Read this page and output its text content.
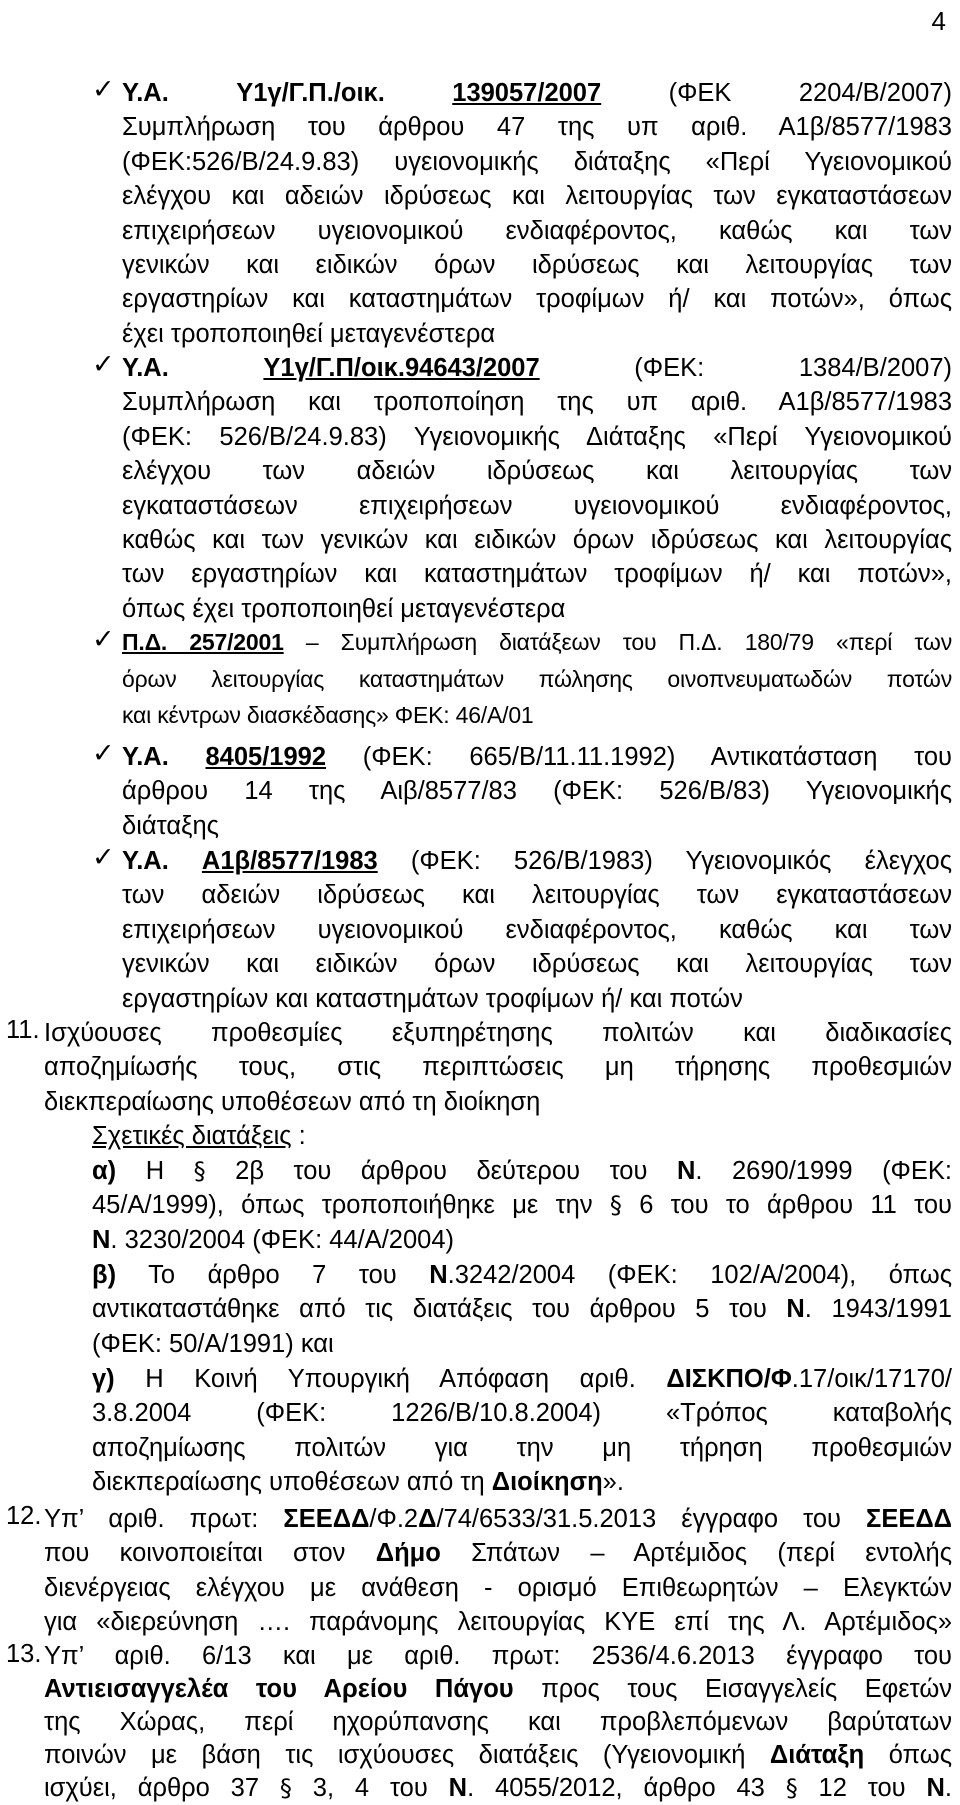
4
✓ Υ.Α.	Υ1γ/Γ.Π./οικ.	139057/2007 (ΦΕΚ 2204/Β/2007)
Συμπλήρωση του άρθρου 47 της υπ αριθ. Α1β/8577/1983
(ΦΕΚ:526/Β/24.9.83) υγειονομικής διάταξης «Περί Υγειονομικού
ελέγχου και αδειών ιδρύσεως και λειτουργίας των εγκαταστάσεων
επιχειρήσεων υγειονομικού ενδιαφέροντος, καθώς και των
γενικών και ειδικών όρων ιδρύσεως και λειτουργίας των
εργαστηρίων και καταστημάτων τροφίμων ή/ και ποτών», όπως
έχει τροποποιηθεί μεταγενέστερα
✓ Υ.Α.	Υ1γ/Γ.Π/οικ.94643/2007 (ΦΕΚ: 1384/Β/2007)
Συμπλήρωση και τροποποίηση της υπ αριθ. Α1β/8577/1983
(ΦΕΚ: 526/Β/24.9.83) Υγειονομικής Διάταξης «Περί Υγειονομικού
ελέγχου των αδειών ιδρύσεως και λειτουργίας των
εγκαταστάσεων επιχειρήσεων υγειονομικού ενδιαφέροντος,
καθώς και των γενικών και ειδικών όρων ιδρύσεως και λειτουργίας
των εργαστηρίων και καταστημάτων τροφίμων ή/ και ποτών»,
όπως έχει τροποποιηθεί μεταγενέστερα
✓ Π.Δ. 257/2001 – Συμπλήρωση διατάξεων του Π.Δ. 180/79 «περί των
όρων λειτουργίας καταστημάτων πώλησης οινοπνευματωδών ποτών
και κέντρων διασκέδασης» ΦΕΚ: 46/Α/01
✓ Υ.Α. 8405/1992 (ΦΕΚ: 665/Β/11.11.1992) Αντικατάσταση του
άρθρου 14 της Αιβ/8577/83 (ΦΕΚ: 526/Β/83) Υγειονομικής
διάταξης
✓ Υ.Α. Α1β/8577/1983 (ΦΕΚ: 526/Β/1983) Υγειονομικός έλεγχος
των αδειών ιδρύσεως και λειτουργίας των εγκαταστάσεων
επιχειρήσεων υγειονομικού ενδιαφέροντος, καθώς και των
γενικών και ειδικών όρων ιδρύσεως και λειτουργίας των
εργαστηρίων και καταστημάτων τροφίμων ή/ και ποτών
11. Ισχύουσες προθεσμίες εξυπηρέτησης πολιτών και διαδικασίες
αποζημίωσής τους, στις περιπτώσεις μη τήρησης προθεσμιών
διεκπεραίωσης υποθέσεων από τη διοίκηση
Σχετικές διατάξεις :
α) Η § 2β του άρθρου δεύτερου του Ν. 2690/1999 (ΦΕΚ:
45/Α/1999), όπως τροποποιήθηκε με την § 6 του το άρθρου 11 του
Ν. 3230/2004 (ΦΕΚ: 44/Α/2004)
β) Το άρθρο 7 του Ν.3242/2004 (ΦΕΚ: 102/Α/2004), όπως
αντικαταστάθηκε από τις διατάξεις του άρθρου 5 του Ν. 1943/1991
(ΦΕΚ: 50/Α/1991) και
γ) Η Κοινή Υπουργική Απόφαση αριθ. ΔΙΣΚΠΟ/Φ.17/οικ/17170/
3.8.2004 (ΦΕΚ: 1226/Β/10.8.2004) «Τρόπος καταβολής
αποζημίωσης πολιτών για την μη τήρηση προθεσμιών
διεκπεραίωσης υποθέσεων από τη Διοίκηση».
12. Υπ’ αριθ. πρωτ: ΣΕΕΔΔ/Φ.2Δ/74/6533/31.5.2013 έγγραφο του ΣΕΕΔΔ
που κοινοποιείται στον Δήμο Σπάτων – Αρτέμιδος (περί εντολής
διενέργειας ελέγχου με ανάθεση - ορισμό Επιθεωρητών – Ελεγκτών
για «διερεύνηση …. παράνομης λειτουργίας ΚΥΕ επί της Λ. Αρτέμιδος»
13. Υπ’ αριθ. 6/13 και με αριθ. πρωτ: 2536/4.6.2013 έγγραφο του
Αντιεισαγγελέα του Αρείου Πάγου προς τους Εισαγγελείς Εφετών
της Χώρας, περί ηχορύπανσης και προβλεπόμενων βαρύτατων
ποινών με βάση τις ισχύουσες διατάξεις (Υγειονομική Διάταξη όπως
ισχύει, άρθρο 37 § 3, 4 του Ν. 4055/2012, άρθρο 43 § 12 του Ν.
